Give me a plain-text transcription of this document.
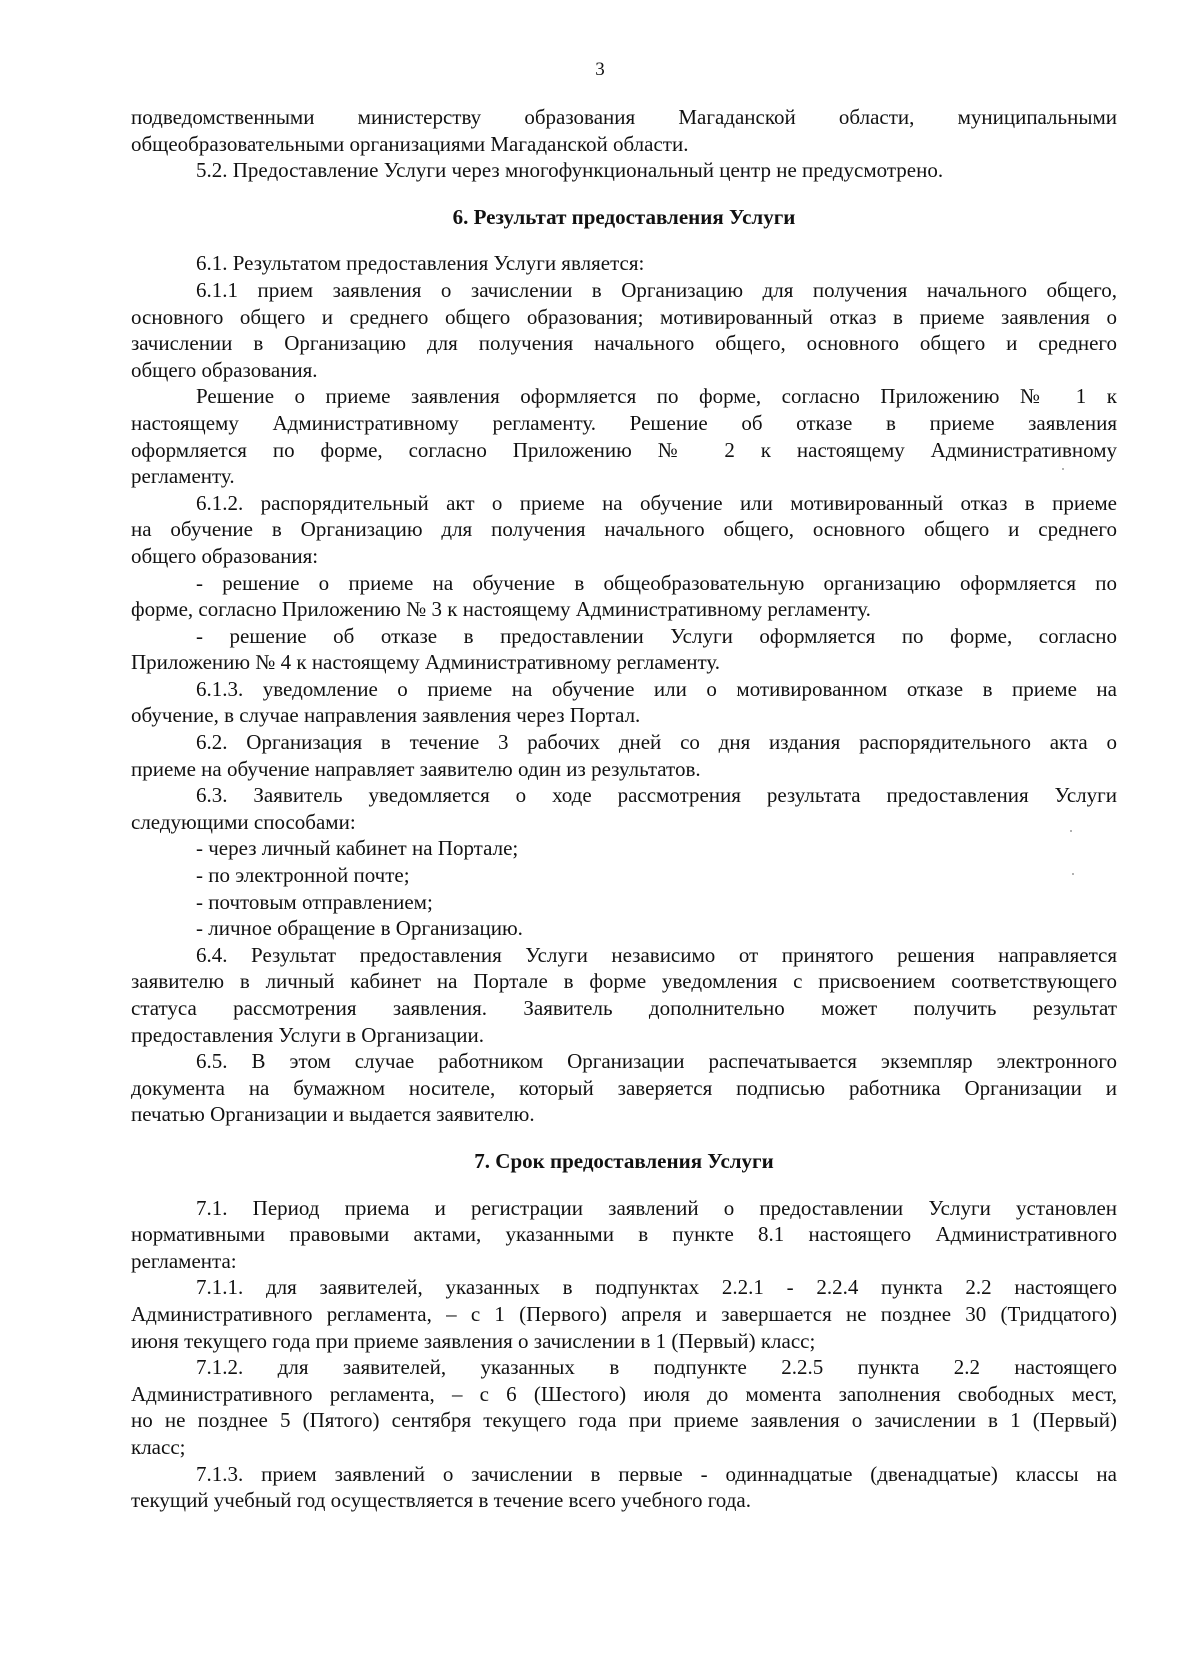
3
подведомственными министерству образования Магаданской области, муниципальными
общеобразовательными организациями Магаданской области.
5.2. Предоставление Услуги через многофункциональный центр не предусмотрено.
6. Результат предоставления Услуги
6.1. Результатом предоставления Услуги является:
6.1.1 прием заявления о зачислении в Организацию для получения начального общего,
основного общего и среднего общего образования; мотивированный отказ в приеме заявления о
зачислении в Организацию для получения начального общего, основного общего и среднего
общего образования.
Решение о приеме заявления оформляется по форме, согласно Приложению № 1 к
настоящему Административному регламенту. Решение об отказе в приеме заявления
оформляется по форме, согласно Приложению № 2 к настоящему Административному
регламенту.
6.1.2. распорядительный акт о приеме на обучение или мотивированный отказ в приеме
на обучение в Организацию для получения начального общего, основного общего и среднего
общего образования:
- решение о приеме на обучение в общеобразовательную организацию оформляется по
форме, согласно Приложению № 3 к настоящему Административному регламенту.
- решение об отказе в предоставлении Услуги оформляется по форме, согласно
Приложению № 4 к настоящему Административному регламенту.
6.1.3. уведомление о приеме на обучение или о мотивированном отказе в приеме на
обучение, в случае направления заявления через Портал.
6.2. Организация в течение 3 рабочих дней со дня издания распорядительного акта о
приеме на обучение направляет заявителю один из результатов.
6.3. Заявитель уведомляется о ходе рассмотрения результата предоставления Услуги
следующими способами:
- через личный кабинет на Портале;
- по электронной почте;
- почтовым отправлением;
- личное обращение в Организацию.
6.4. Результат предоставления Услуги независимо от принятого решения направляется
заявителю в личный кабинет на Портале в форме уведомления с присвоением соответствующего
статуса рассмотрения заявления. Заявитель дополнительно может получить результат
предоставления Услуги в Организации.
6.5. В этом случае работником Организации распечатывается экземпляр электронного
документа на бумажном носителе, который заверяется подписью работника Организации и
печатью Организации и выдается заявителю.
7. Срок предоставления Услуги
7.1. Период приема и регистрации заявлений о предоставлении Услуги установлен
нормативными правовыми актами, указанными в пункте 8.1 настоящего Административного
регламента:
7.1.1. для заявителей, указанных в подпунктах 2.2.1 - 2.2.4 пункта 2.2 настоящего
Административного регламента, – с 1 (Первого) апреля и завершается не позднее 30 (Тридцатого)
июня текущего года при приеме заявления о зачислении в 1 (Первый) класс;
7.1.2. для заявителей, указанных в подпункте 2.2.5 пункта 2.2 настоящего
Административного регламента, – с 6 (Шестого) июля до момента заполнения свободных мест,
но не позднее 5 (Пятого) сентября текущего года при приеме заявления о зачислении в 1 (Первый)
класс;
7.1.3. прием заявлений о зачислении в первые - одиннадцатые (двенадцатые) классы на
текущий учебный год осуществляется в течение всего учебного года.
